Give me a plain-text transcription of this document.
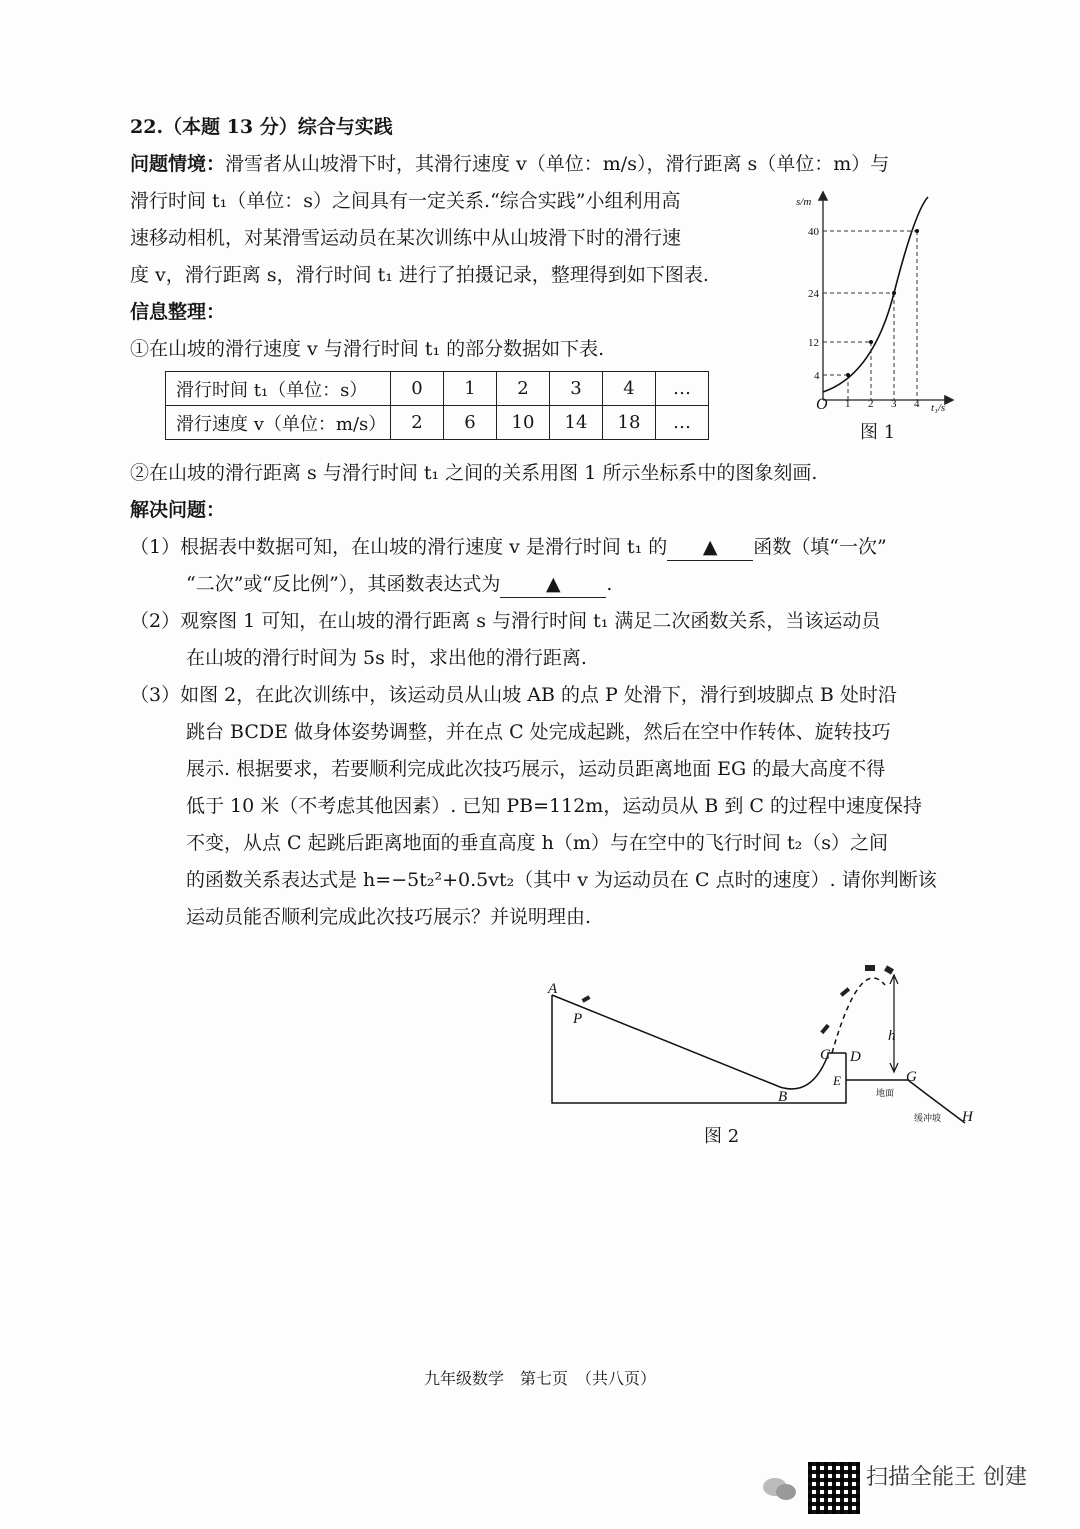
22.（本题 13 分）综合与实践
问题情境：滑雪者从山坡滑下时，其滑行速度 v（单位：m/s），滑行距离 s（单位：m）与
滑行时间 t₁（单位：s）之间具有一定关系.“综合实践”小组利用高
速移动相机，对某滑雪运动员在某次训练中从山坡滑下时的滑行速
度 v，滑行距离 s，滑行时间 t₁ 进行了拍摄记录，整理得到如下图表.
信息整理：
①在山坡的滑行速度 v 与滑行时间 t₁ 的部分数据如下表.
滑行时间 t₁（单位：s）	0	1	2	3	4	…
滑行速度 v（单位：m/s）	2	6	10	14	18	…
s/m
t₁/s
O
4
12
24
40
1 2 3 4
图 1
②在山坡的滑行距离 s 与滑行时间 t₁ 之间的关系用图 1 所示坐标系中的图象刻画.
解决问题：
（1）根据表中数据可知，在山坡的滑行速度 v 是滑行时间 t₁ 的 ▲ 函数（填“一次”
“二次”或“反比例”），其函数表达式为 ▲ .
（2）观察图 1 可知，在山坡的滑行距离 s 与滑行时间 t₁ 满足二次函数关系，当该运动员
在山坡的滑行时间为 5s 时，求出他的滑行距离.
（3）如图 2，在此次训练中，该运动员从山坡 AB 的点 P 处滑下，滑行到坡脚点 B 处时沿
跳台 BCDE 做身体姿势调整，并在点 C 处完成起跳，然后在空中作转体、旋转技巧
展示. 根据要求，若要顺利完成此次技巧展示，运动员距离地面 EG 的最大高度不得
低于 10 米（不考虑其他因素）. 已知 PB=112m，运动员从 B 到 C 的过程中速度保持
不变，从点 C 起跳后距离地面的垂直高度 h（m）与在空中的飞行时间 t₂（s）之间
的函数关系表达式是 h=−5t₂²+0.5vt₂（其中 v 为运动员在 C 点时的速度）. 请你判断该
运动员能否顺利完成此次技巧展示？并说明理由.
A
P
B
C D
E	G
H
h
地面
缓冲坡
图 2
九年级数学　第七页　（共八页）
扫描全能王 创建
